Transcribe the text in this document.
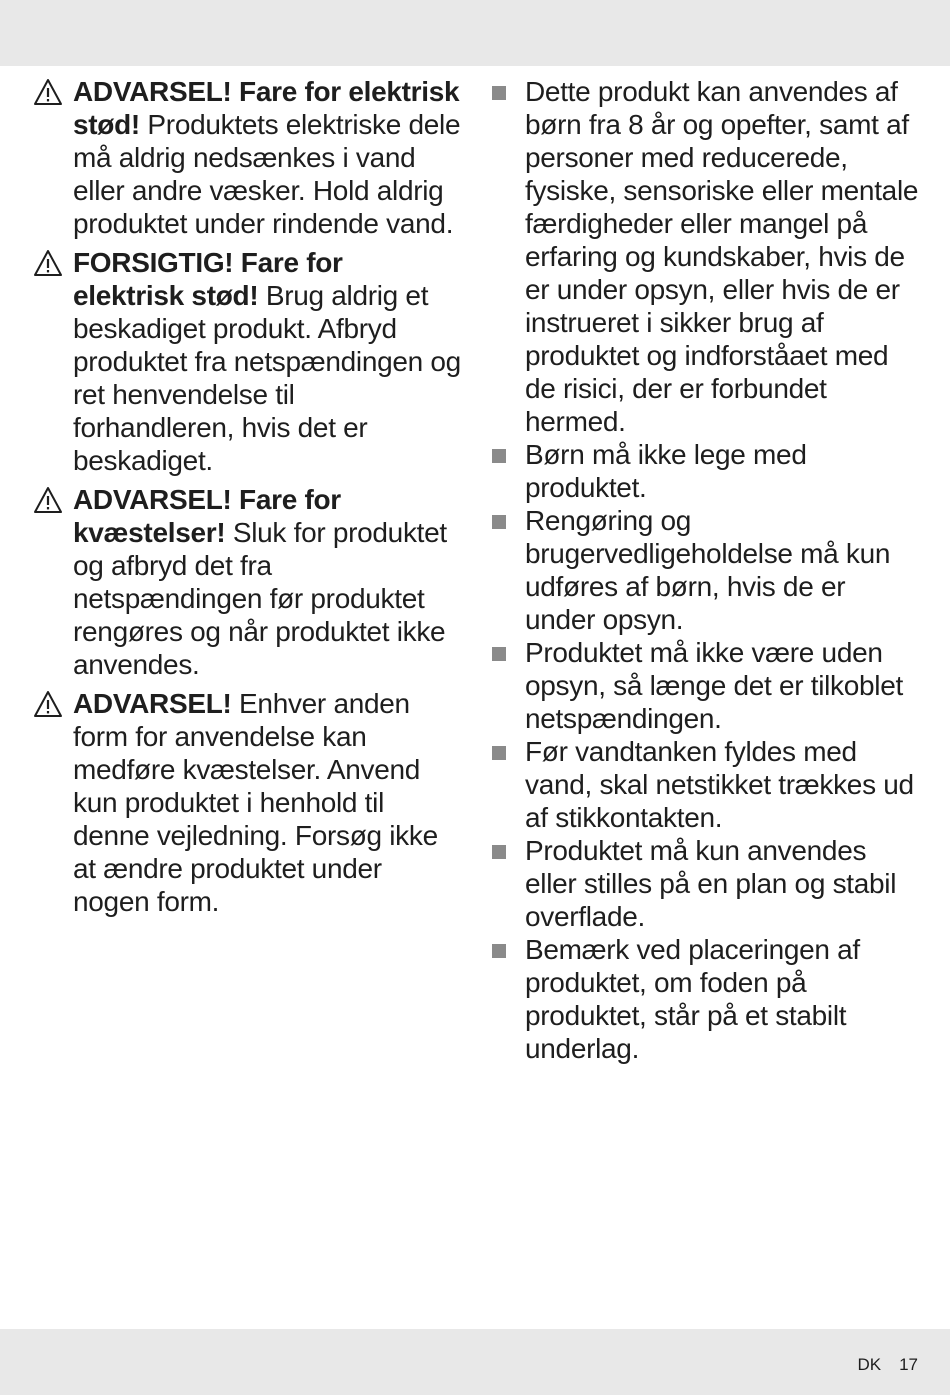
ADVARSEL! Fare for elektrisk stød! Produktets elektriske dele må aldrig nedsænkes i vand eller andre væsker. Hold aldrig produktet under rindende vand.
FORSIGTIG! Fare for elektrisk stød! Brug aldrig et beskadiget produkt. Afbryd produktet fra netspændingen og ret henvendelse til forhandleren, hvis det er beskadiget.
ADVARSEL! Fare for kvæstelser! Sluk for produktet og afbryd det fra netspændingen før produktet rengøres og når produktet ikke anvendes.
ADVARSEL! Enhver anden form for anvendelse kan medføre kvæstelser. Anvend kun produktet i henhold til denne vejledning. Forsøg ikke at ændre produktet under nogen form.
Dette produkt kan anvendes af børn fra 8 år og opefter, samt af personer med reducerede, fysiske, sensoriske eller mentale færdigheder eller mangel på erfaring og kundskaber, hvis de er under opsyn, eller hvis de er instrueret i sikker brug af produktet og indforståaet med de risici, der er forbundet hermed.
Børn må ikke lege med produktet.
Rengøring og brugervedligeholdelse må kun udføres af børn, hvis de er under opsyn.
Produktet må ikke være uden opsyn, så længe det er tilkoblet netspændingen.
Før vandtanken fyldes med vand, skal netstikket trækkes ud af stikkontakten.
Produktet må kun anvendes eller stilles på en plan og stabil overflade.
Bemærk ved placeringen af produktet, om foden på produktet, står på et stabilt underlag.
DK 17
